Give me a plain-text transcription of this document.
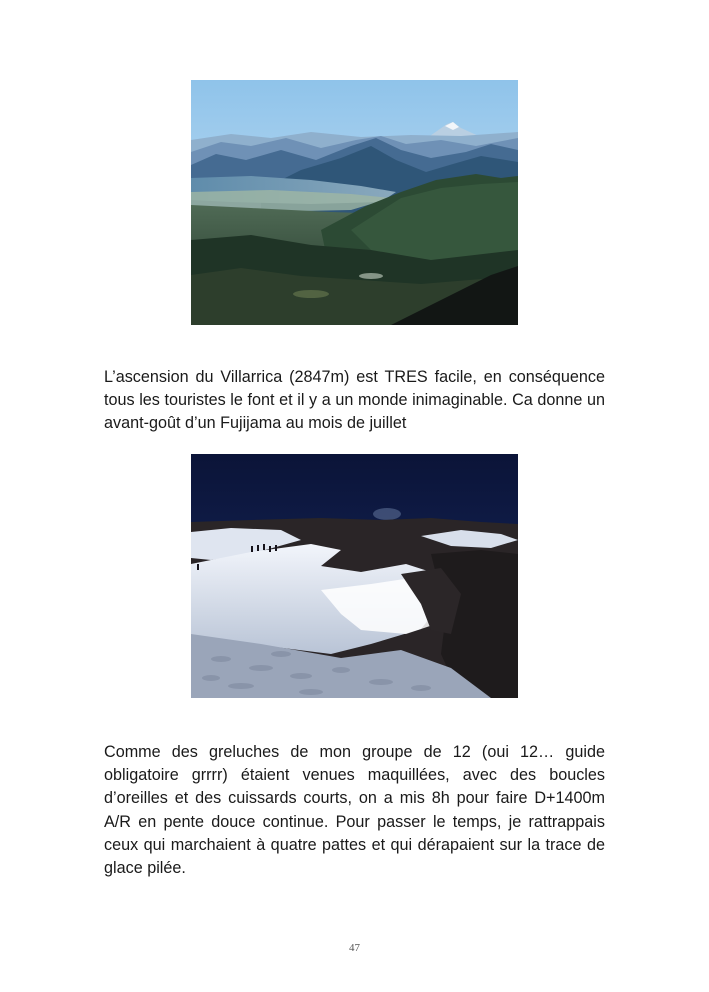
L’ascension du Villarrica (2847m) est TRES facile, en conséquence tous les touristes le font et il y a un monde inimaginable. Ca donne un avant-goût d’un Fujijama au mois de juillet

Comme des greluches de mon groupe de 12 (oui 12… guide obligatoire grrrr) étaient venues maquillées, avec des boucles d’oreilles et des cuissards courts, on a mis 8h pour faire D+1400m A/R en pente douce continue. Pour passer le temps, je rattrappais ceux qui marchaient à quatre pattes et qui dérapaient sur la trace de glace pilée.

47
